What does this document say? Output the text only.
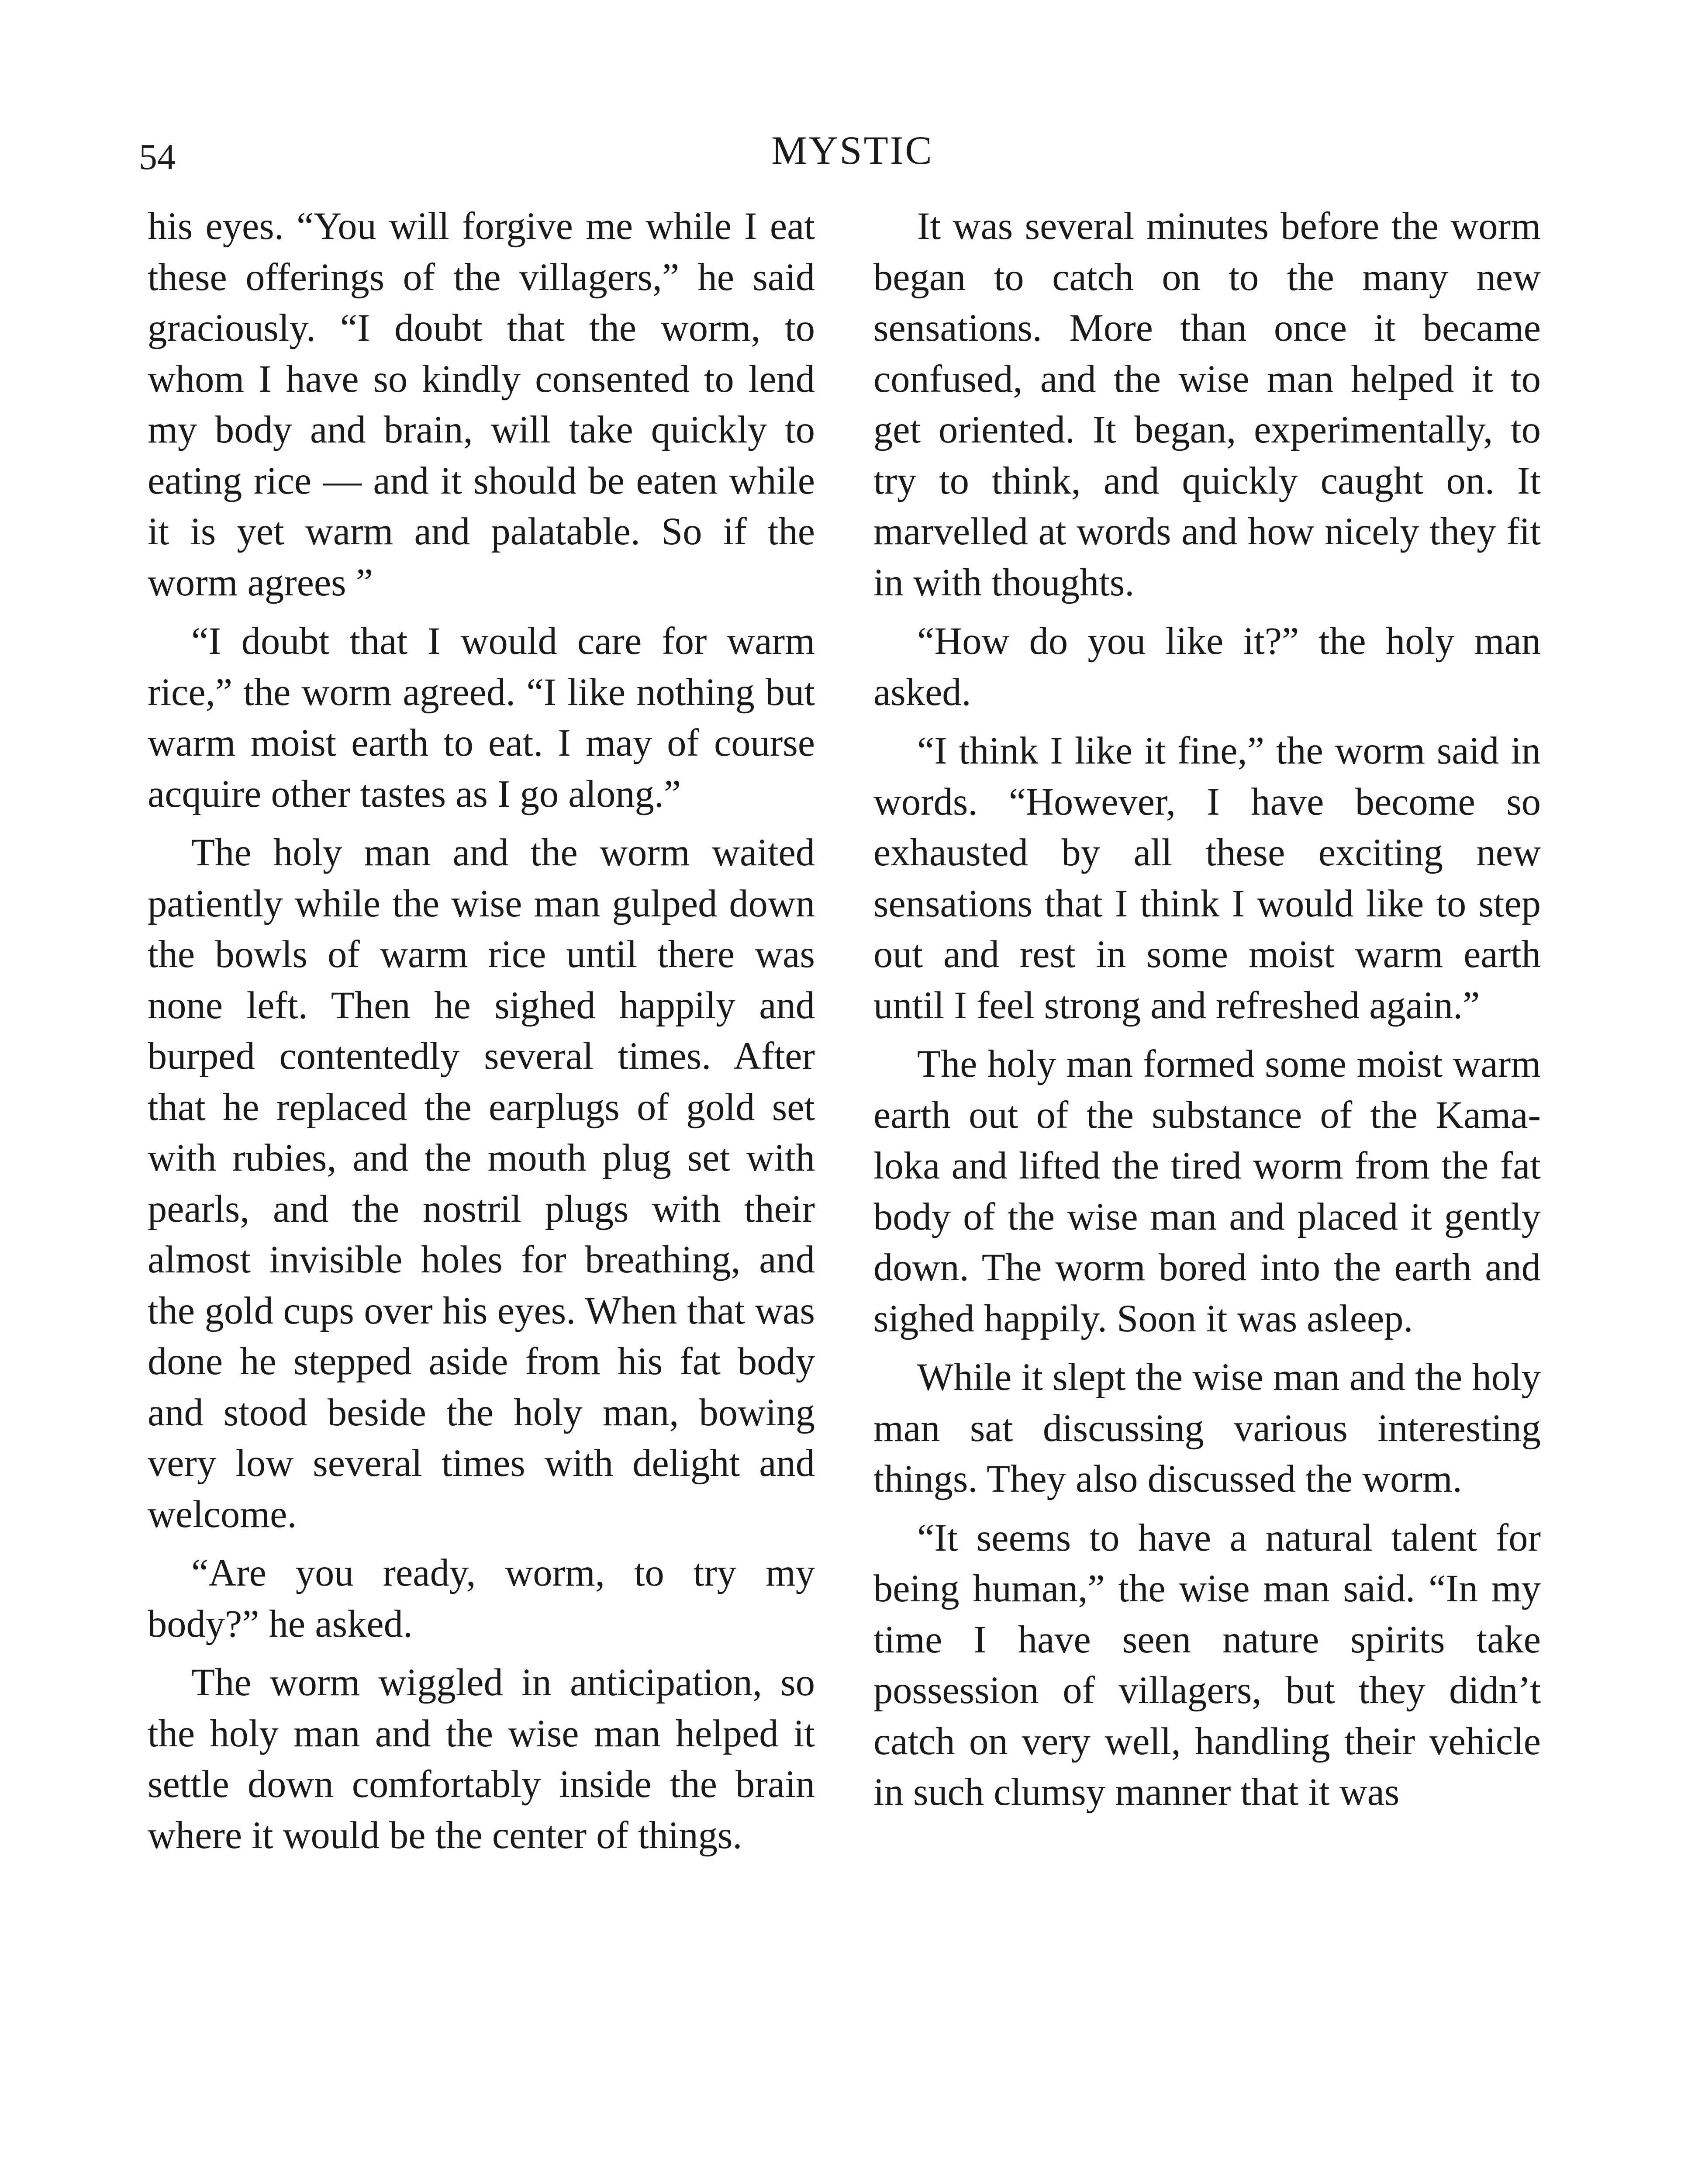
54	MYSTIC

his eyes. “You will forgive me while I eat these offerings of the villagers,” he said graciously. “I doubt that the worm, to whom I have so kindly consented to lend my body and brain, will take quickly to eating rice — and it should be eaten while it is yet warm and palatable. So if the worm agrees ”

“I doubt that I would care for warm rice,” the worm agreed. “I like nothing but warm moist earth to eat. I may of course acquire other tastes as I go along.”

The holy man and the worm waited patiently while the wise man gulped down the bowls of warm rice until there was none left. Then he sighed happily and burped contentedly several times. After that he replaced the earplugs of gold set with rubies, and the mouth plug set with pearls, and the nostril plugs with their almost invisible holes for breathing, and the gold cups over his eyes. When that was done he stepped aside from his fat body and stood beside the holy man, bowing very low several times with delight and welcome.

“Are you ready, worm, to try my body?” he asked.

The worm wiggled in anticipation, so the holy man and the wise man helped it settle down comfortably inside the brain where it would be the center of things.

It was several minutes before the worm began to catch on to the many new sensations. More than once it became confused, and the wise man helped it to get oriented. It began, experimentally, to try to think, and quickly caught on. It marvelled at words and how nicely they fit in with thoughts.

“How do you like it?” the holy man asked.

“I think I like it fine,” the worm said in words. “However, I have become so exhausted by all these exciting new sensations that I think I would like to step out and rest in some moist warm earth until I feel strong and refreshed again.”

The holy man formed some moist warm earth out of the substance of the Kama-loka and lifted the tired worm from the fat body of the wise man and placed it gently down. The worm bored into the earth and sighed happily. Soon it was asleep.

While it slept the wise man and the holy man sat discussing various interesting things. They also discussed the worm.

“It seems to have a natural talent for being human,” the wise man said. “In my time I have seen nature spirits take possession of villagers, but they didn’t catch on very well, handling their vehicle in such clumsy manner that it was
